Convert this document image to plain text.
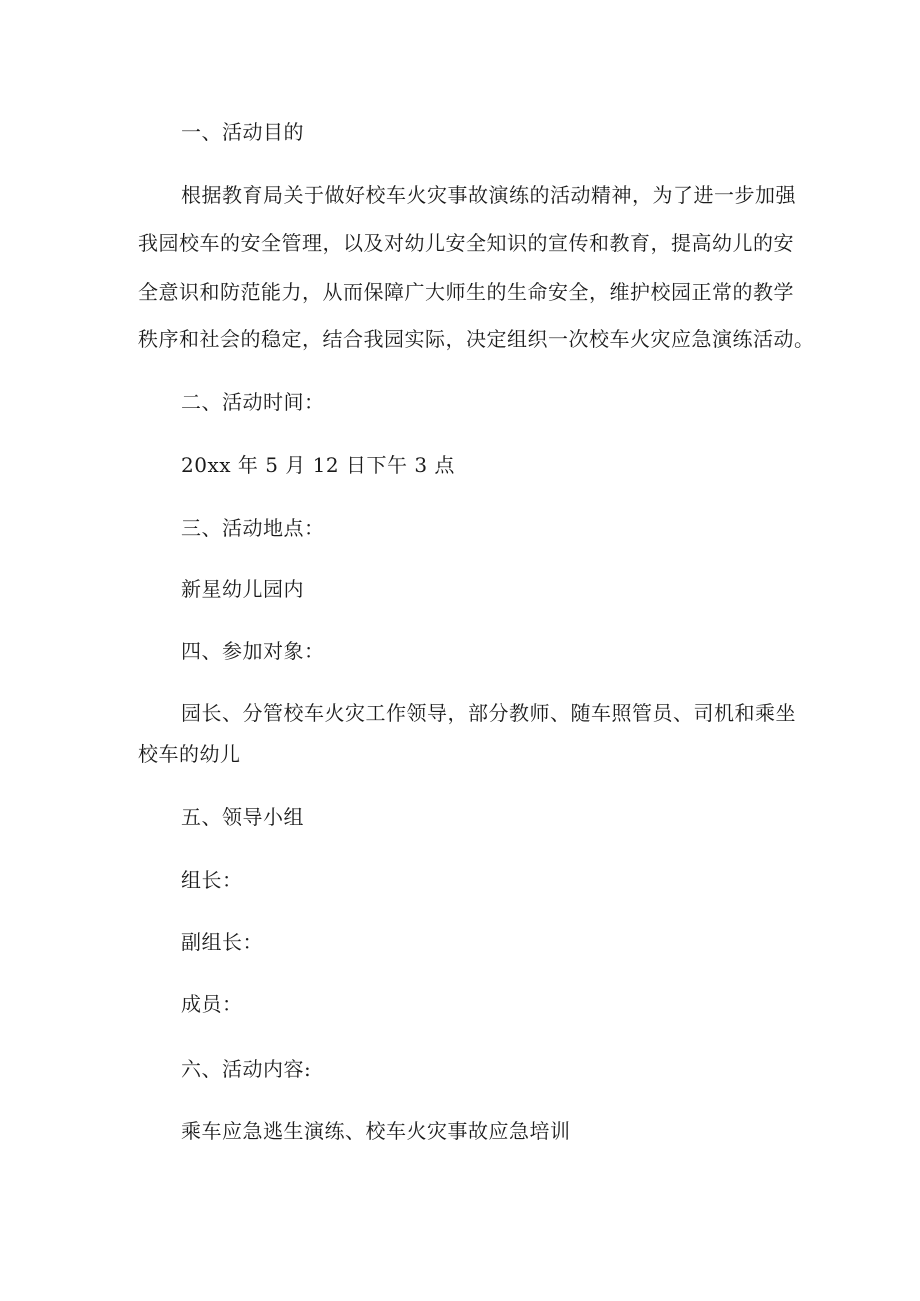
一、活动目的
根据教育局关于做好校车火灾事故演练的活动精神，为了进一步加强
我园校车的安全管理，以及对幼儿安全知识的宣传和教育，提高幼儿的安
全意识和防范能力，从而保障广大师生的生命安全，维护校园正常的教学
秩序和社会的稳定，结合我园实际，决定组织一次校车火灾应急演练活动。
二、活动时间：
20xx 年 5 月 12 日下午 3 点
三、活动地点：
新星幼儿园内
四、参加对象：
园长、分管校车火灾工作领导，部分教师、随车照管员、司机和乘坐
校车的幼儿
五、领导小组
组长：
副组长：
成员：
六、活动内容:
乘车应急逃生演练、校车火灾事故应急培训
